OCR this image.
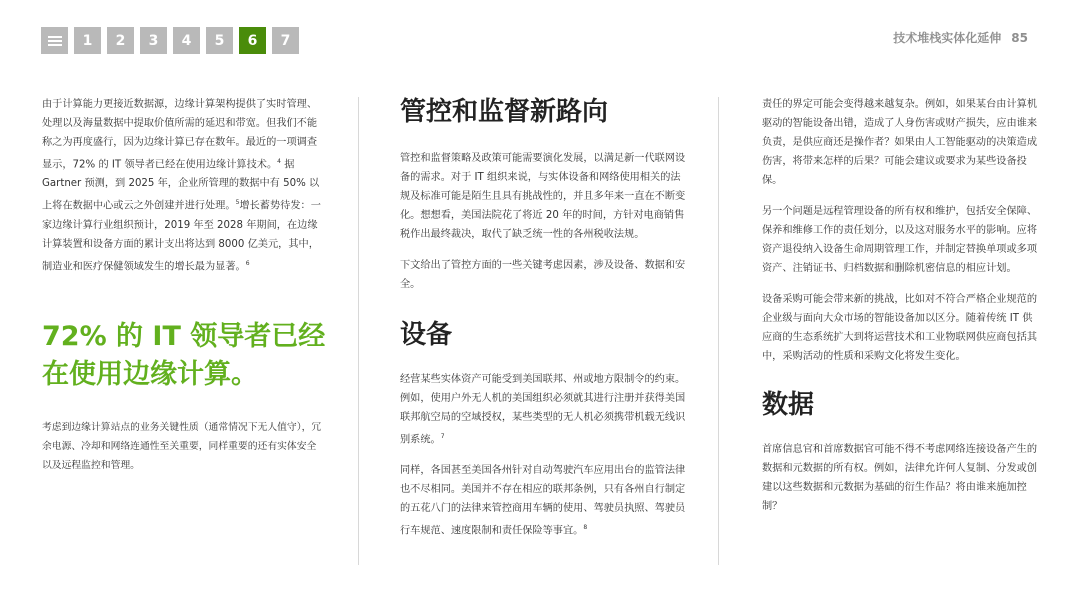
1	2	3	4	5	6	7	技术堆栈实体化延伸 85

由于计算能力更接近数据源，边缘计算架构提供了实时管理、处理以及海量数据中提取价值所需的延迟和带宽。但我们不能称之为再度盛行，因为边缘计算已存在数年。最近的一项调查显示，72% 的 IT 领导者已经在使用边缘计算技术。$^4$ 据 Gartner 预测，到 2025 年，企业所管理的数据中有 50% 以上将在数据中心或云之外创建并进行处理。$^5$增长蓄势待发：一家边缘计算行业组织预计，2019 年至 2028 年期间，在边缘计算装置和设备方面的累计支出将达到 8000 亿美元，其中，制造业和医疗保健领域发生的增长最为显著。$^6$

72% 的 IT 领导者已经在使用边缘计算。

考虑到边缘计算站点的业务关键性质（通常情况下无人值守），冗余电源、冷却和网络连通性至关重要，同样重要的还有实体安全以及远程监控和管理。

管控和监督新路向

管控和监督策略及政策可能需要演化发展，以满足新一代联网设备的需求。对于 IT 组织来说，与实体设备和网络使用相关的法规及标准可能是陌生且具有挑战性的，并且多年来一直在不断变化。想想看，美国法院花了将近 20 年的时间，方针对电商销售税作出最终裁决，取代了缺乏统一性的各州税收法规。

下文给出了管控方面的一些关键考虑因素，涉及设备、数据和安全。

设备

经营某些实体资产可能受到美国联邦、州或地方限制令的约束。例如，使用户外无人机的美国组织必须就其进行注册并获得美国联邦航空局的空域授权，某些类型的无人机必须携带机载无线识别系统。$^7$

同样，各国甚至美国各州针对自动驾驶汽车应用出台的监管法律也不尽相同。美国并不存在相应的联邦条例，只有各州自行制定的五花八门的法律来管控商用车辆的使用、驾驶员执照、驾驶员行车规范、速度限制和责任保险等事宜。$^8$

责任的界定可能会变得越来越复杂。例如，如果某台由计算机驱动的智能设备出错，造成了人身伤害或财产损失，应由谁来负责，是供应商还是操作者？如果由人工智能驱动的决策造成伤害，将带来怎样的后果？可能会建议或要求为某些设备投保。

另一个问题是远程管理设备的所有权和维护，包括安全保障、保养和维修工作的责任划分，以及这对服务水平的影响。应将资产退役纳入设备生命周期管理工作，并制定替换单项或多项资产、注销证书、归档数据和删除机密信息的相应计划。

设备采购可能会带来新的挑战，比如对不符合严格企业规范的企业级与面向大众市场的智能设备加以区分。随着传统 IT 供应商的生态系统扩大到将运营技术和工业物联网供应商包括其中，采购活动的性质和采购文化将发生变化。

数据

首席信息官和首席数据官可能不得不考虑网络连接设备产生的数据和元数据的所有权。例如，法律允许何人复制、分发或创建以这些数据和元数据为基础的衍生作品？将由谁来施加控制？
